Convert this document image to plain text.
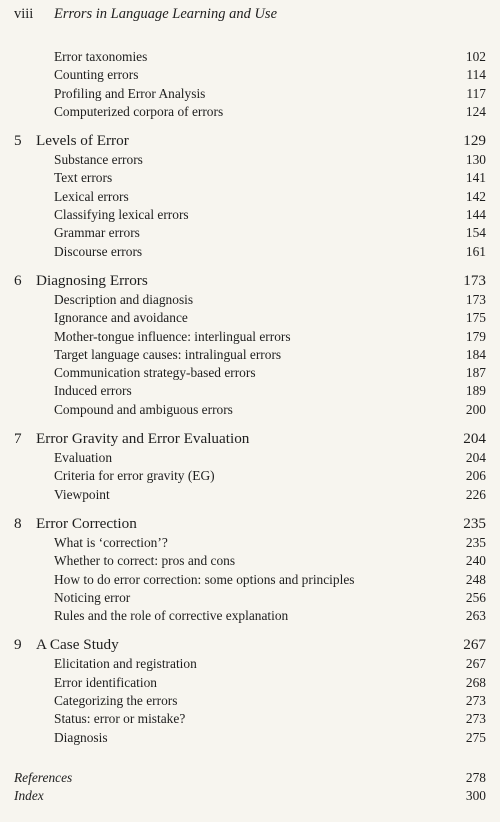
viii Errors in Language Learning and Use
Error taxonomies	102
Counting errors	114
Profiling and Error Analysis	117
Computerized corpora of errors	124
5 Levels of Error	129
Substance errors	130
Text errors	141
Lexical errors	142
Classifying lexical errors	144
Grammar errors	154
Discourse errors	161
6 Diagnosing Errors	173
Description and diagnosis	173
Ignorance and avoidance	175
Mother-tongue influence: interlingual errors	179
Target language causes: intralingual errors	184
Communication strategy-based errors	187
Induced errors	189
Compound and ambiguous errors	200
7 Error Gravity and Error Evaluation	204
Evaluation	204
Criteria for error gravity (EG)	206
Viewpoint	226
8 Error Correction	235
What is ‘correction’?	235
Whether to correct: pros and cons	240
How to do error correction: some options and principles	248
Noticing error	256
Rules and the role of corrective explanation	263
9 A Case Study	267
Elicitation and registration	267
Error identification	268
Categorizing the errors	273
Status: error or mistake?	273
Diagnosis	275
References	278
Index	300
